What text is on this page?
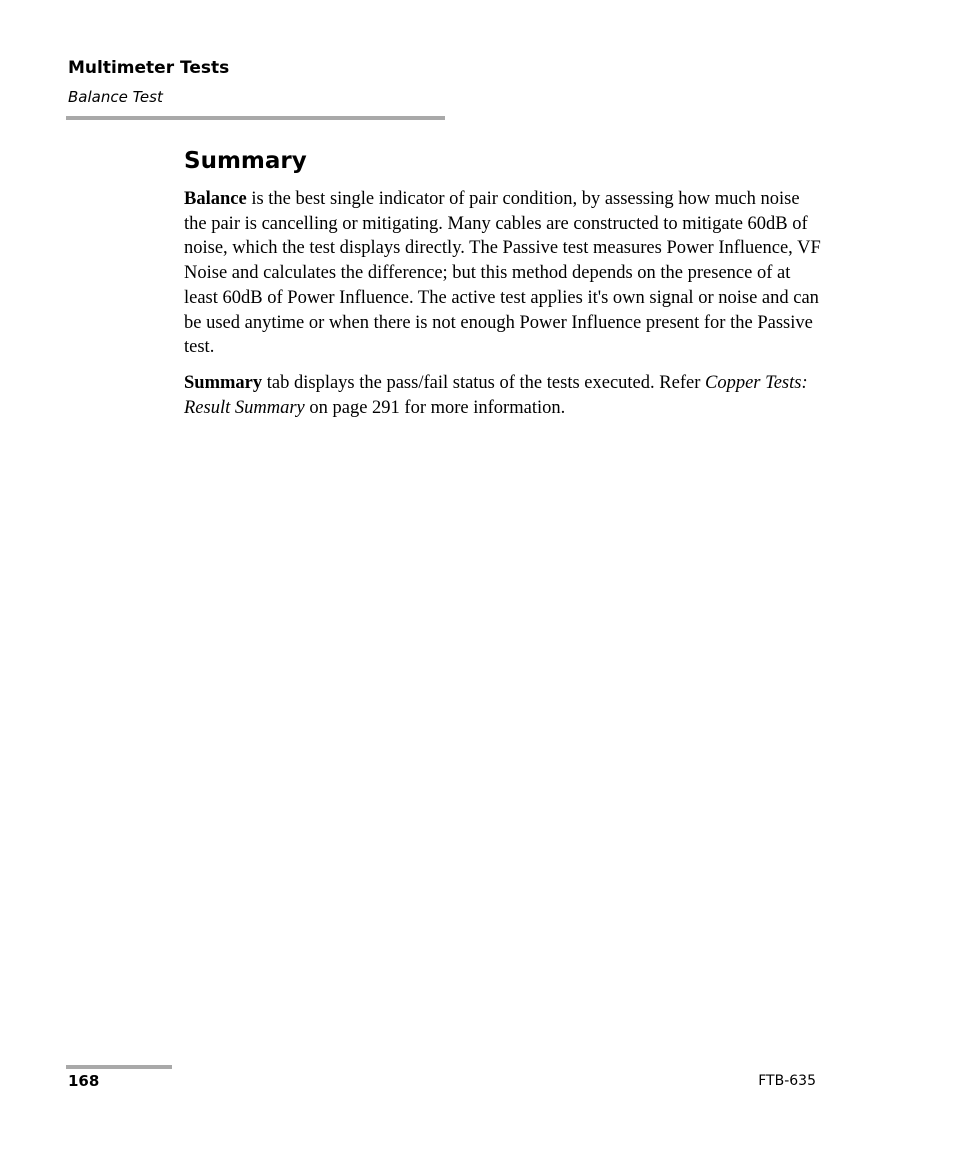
Multimeter Tests
Balance Test
Summary

Balance is the best single indicator of pair condition, by assessing how much noise the pair is cancelling or mitigating. Many cables are constructed to mitigate 60dB of noise, which the test displays directly. The Passive test measures Power Influence, VF Noise and calculates the difference; but this method depends on the presence of at least 60dB of Power Influence. The active test applies it's own signal or noise and can be used anytime or when there is not enough Power Influence present for the Passive test.

Summary tab displays the pass/fail status of the tests executed. Refer Copper Tests: Result Summary on page 291 for more information.

168	FTB-635
